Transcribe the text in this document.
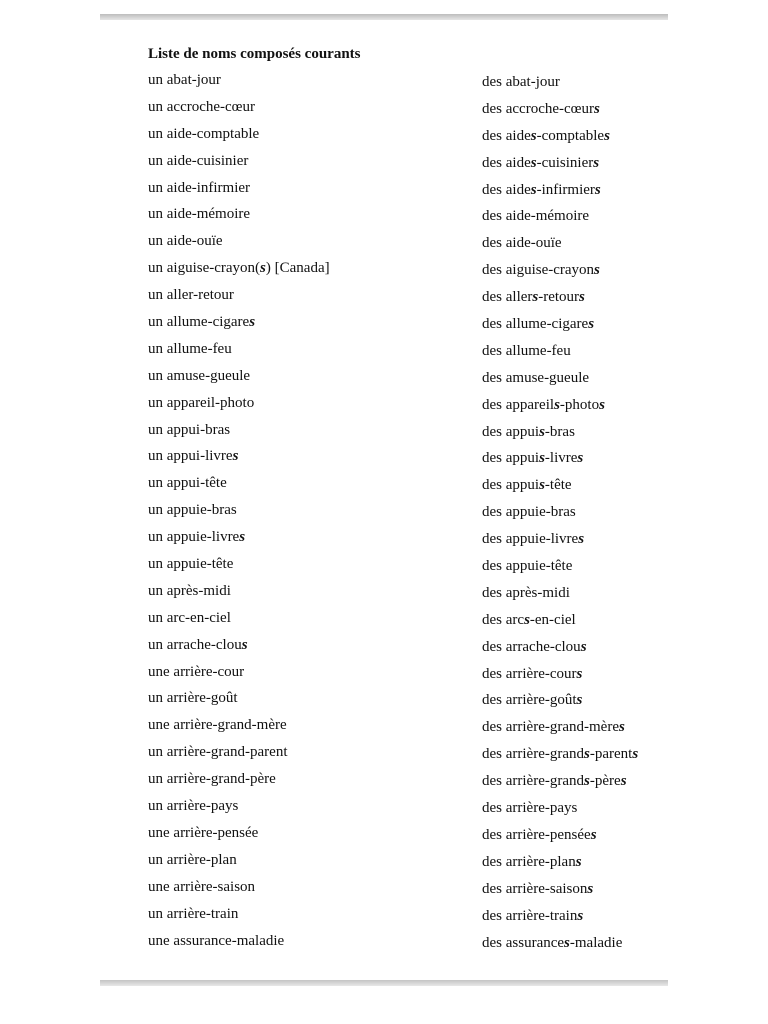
Liste de noms composés courants
un abat-jour	des abat-jour
un accroche-cœur	des accroche-cœurs
un aide-comptable	des aides-comptables
un aide-cuisinier	des aides-cuisiniers
un aide-infirmier	des aides-infirmiers
un aide-mémoire	des aide-mémoire
un aide-ouïe	des aide-ouïe
un aiguise-crayon(s) [Canada]	des aiguise-crayons
un aller-retour	des allers-retours
un allume-cigares	des allume-cigares
un allume-feu	des allume-feu
un amuse-gueule	des amuse-gueule
un appareil-photo	des appareils-photos
un appui-bras	des appuis-bras
un appui-livres	des appuis-livres
un appui-tête	des appuis-tête
un appuie-bras	des appuie-bras
un appuie-livres	des appuie-livres
un appuie-tête	des appuie-tête
un après-midi	des après-midi
un arc-en-ciel	des arcs-en-ciel
un arrache-clous	des arrache-clous
une arrière-cour	des arrière-cours
un arrière-goût	des arrière-goûts
une arrière-grand-mère	des arrière-grand-mères
un arrière-grand-parent	des arrière-grands-parents
un arrière-grand-père	des arrière-grands-pères
un arrière-pays	des arrière-pays
une arrière-pensée	des arrière-pensées
un arrière-plan	des arrière-plans
une arrière-saison	des arrière-saisons
un arrière-train	des arrière-trains
une assurance-maladie	des assurances-maladie
